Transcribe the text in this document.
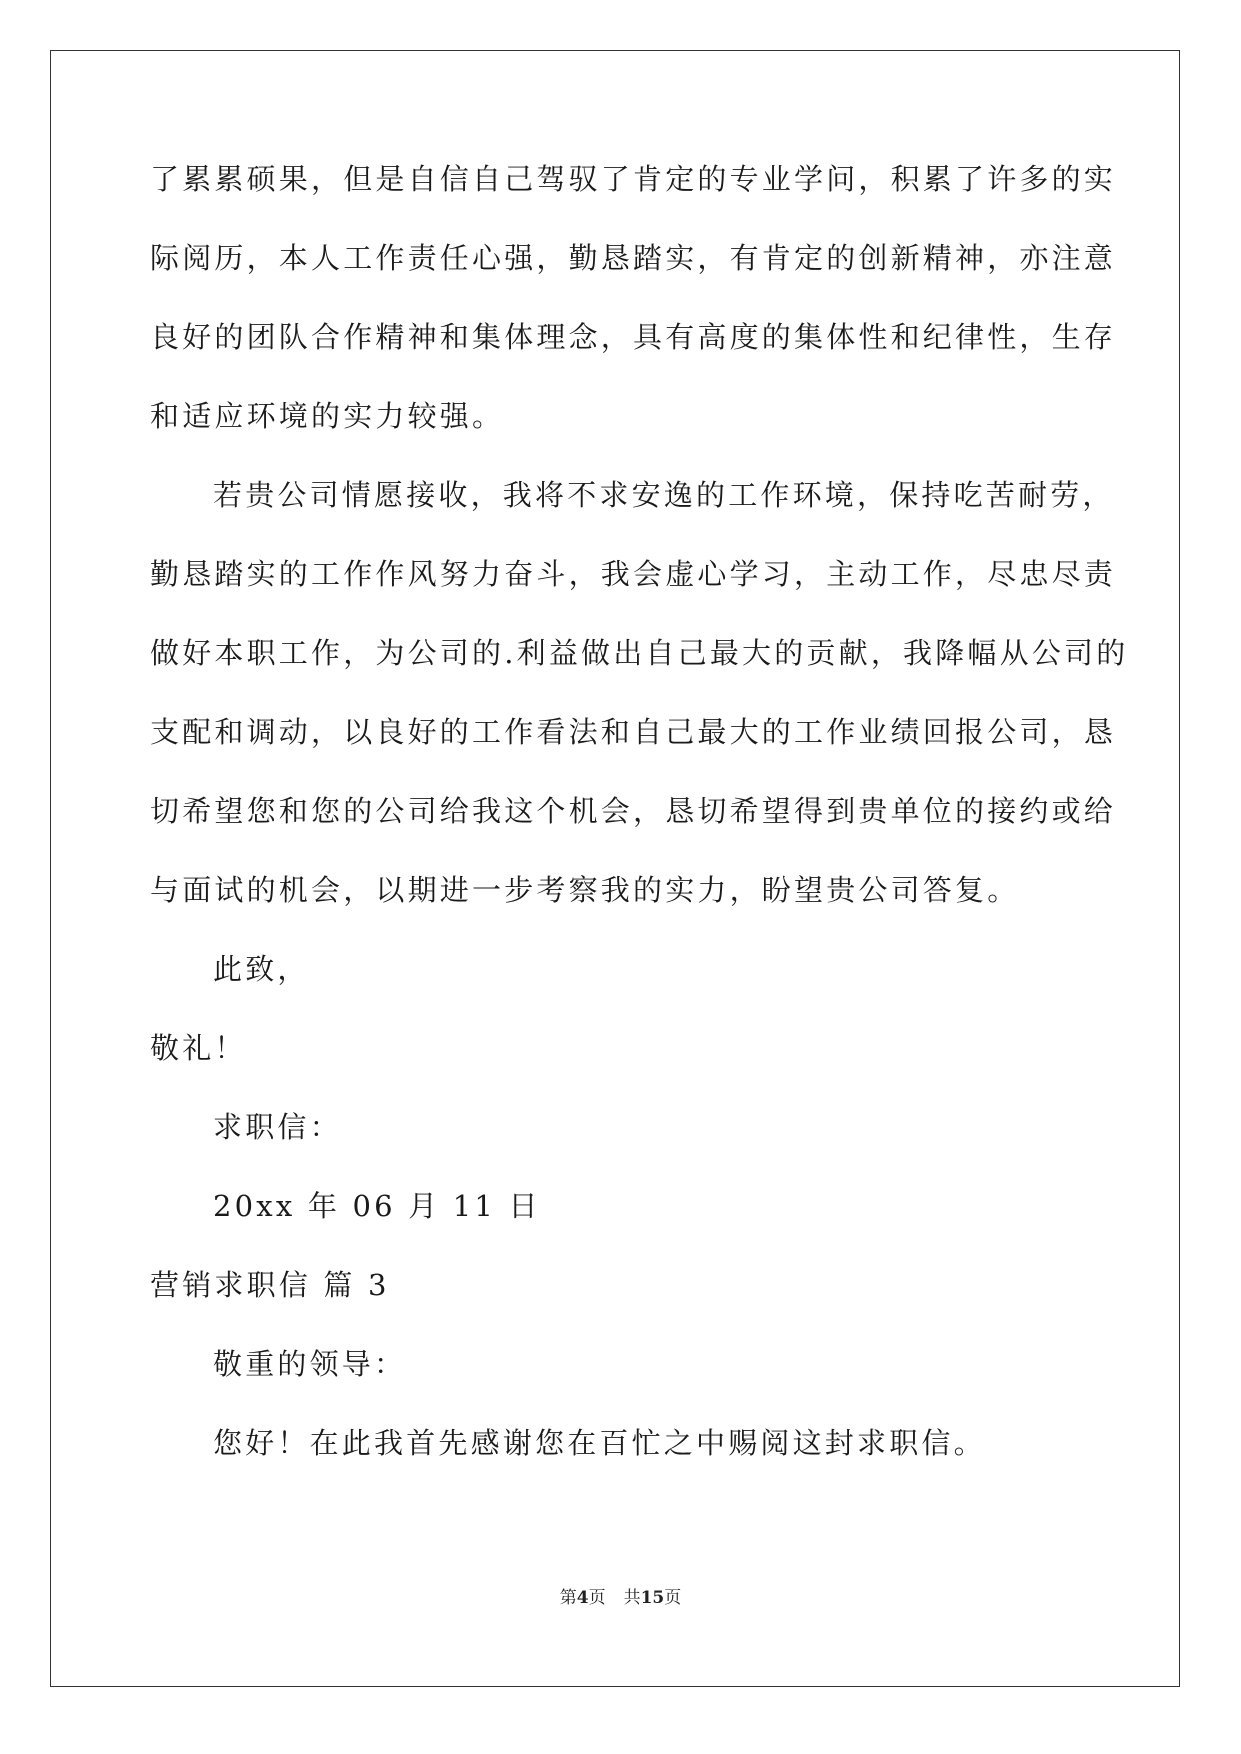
了累累硕果，但是自信自己驾驭了肯定的专业学问，积累了许多的实
际阅历，本人工作责任心强，勤恳踏实，有肯定的创新精神，亦注意
良好的团队合作精神和集体理念，具有高度的集体性和纪律性，生存
和适应环境的实力较强。
若贵公司情愿接收，我将不求安逸的工作环境，保持吃苦耐劳，
勤恳踏实的工作作风努力奋斗，我会虚心学习，主动工作，尽忠尽责
做好本职工作，为公司的.利益做出自己最大的贡献，我降幅从公司的
支配和调动，以良好的工作看法和自己最大的工作业绩回报公司，恳
切希望您和您的公司给我这个机会，恳切希望得到贵单位的接约或给
与面试的机会，以期进一步考察我的实力，盼望贵公司答复。
此致，
敬礼！
求职信：
20xx 年 06 月 11 日
营销求职信 篇 3
敬重的领导：
您好！在此我首先感谢您在百忙之中赐阅这封求职信。
第4页 共15页
